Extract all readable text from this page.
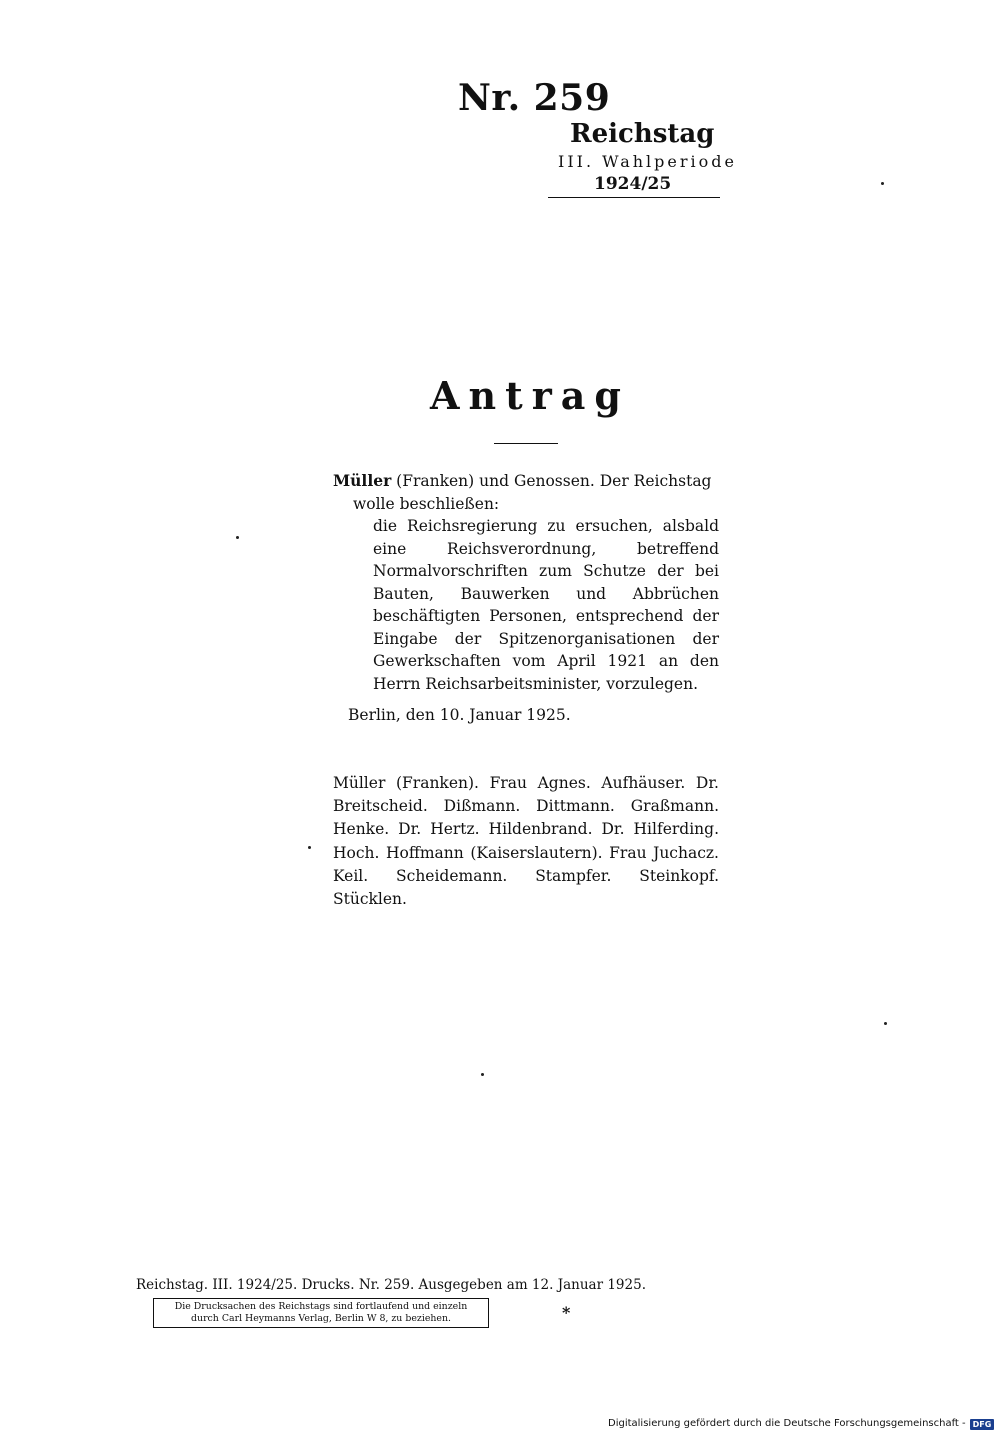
Nr. 259
Reichstag
III. Wahlperiode
1924/25
Antrag
Müller (Franken) und Genossen. Der Reichstag
wolle beschließen:
die Reichsregierung zu ersuchen, alsbald eine Reichsverordnung, betreffend Normalvorschriften zum Schutze der bei Bauten, Bauwerken und Abbrüchen beschäftigten Personen, entsprechend der Eingabe der Spitzenorganisationen der Gewerkschaften vom April 1921 an den Herrn Reichsarbeitsminister, vorzulegen.
Berlin, den 10. Januar 1925.
Müller (Franken). Frau Agnes. Aufhäuser. Dr.
Breitscheid. Dißmann. Dittmann. Graßmann.
Henke. Dr. Hertz. Hildenbrand. Dr. Hilferding.
Hoch. Hoffmann (Kaiserslautern). Frau Juchacz.
Keil. Scheidemann. Stampfer. Steinkopf. Stücklen.
Reichstag. III. 1924/25. Drucks. Nr. 259. Ausgegeben am 12. Januar 1925.
Die Drucksachen des Reichstags sind fortlaufend und einzeln
durch Carl Heymanns Verlag, Berlin W 8, zu beziehen.	*
Digitalisierung gefördert durch die Deutsche Forschungsgemeinschaft - DFG
